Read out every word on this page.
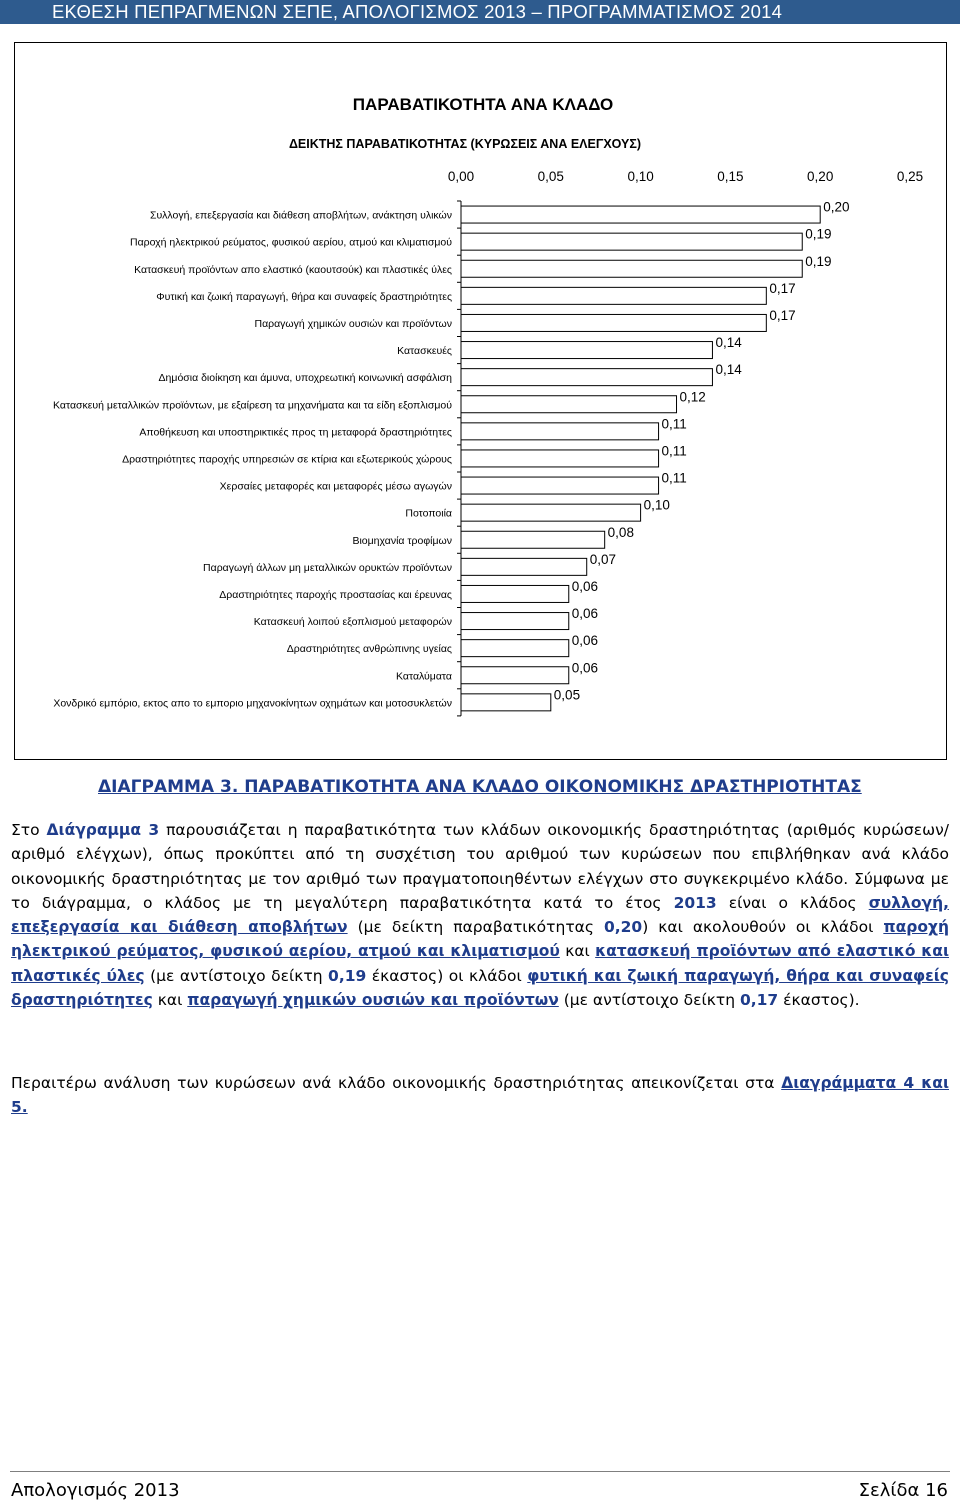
ΕΚΘΕΣΗ ΠΕΠΡΑΓΜΕΝΩΝ ΣΕΠΕ, ΑΠΟΛΟΓΙΣΜΟΣ 2013 – ΠΡΟΓΡΑΜΜΑΤΙΣΜΟΣ 2014
ΠΑΡΑΒΑΤΙΚΟΤΗΤΑ ΑΝΑ ΚΛΑΔΟ
ΔΕΙΚΤΗΣ ΠΑΡΑΒΑΤΙΚΟΤΗΤΑΣ (ΚΥΡΩΣΕΙΣ ΑΝΑ ΕΛΕΓΧΟΥΣ)
0,00	0,05	0,10	0,15	0,20	0,25
Συλλογή, επεξεργασία και διάθεση αποβλήτων, ανάκτηση υλικών
0,20
Παροχή ηλεκτρικού ρεύματος, φυσικού αερίου, ατμού και κλιματισμού
0,19
Κατασκευή προϊόντων απο ελαστικό (καουτσούκ) και πλαστικές ύλες
0,19
Φυτική και ζωική παραγωγή, θήρα και συναφείς δραστηριότητες
0,17
Παραγωγή χημικών ουσιών και προϊόντων
0,17
Κατασκευές
0,14
Δημόσια διοίκηση και άμυνα, υποχρεωτική κοινωνική ασφάλιση
0,14
Κατασκευή μεταλλικών προϊόντων, με εξαίρεση τα μηχανήματα και τα είδη εξοπλισμού
0,12
Αποθήκευση και υποστηρικτικές προς τη μεταφορά δραστηριότητες
0,11
Δραστηριότητες παροχής υπηρεσιών σε κτίρια και εξωτερικούς χώρους
0,11
Χερσαίες μεταφορές και μεταφορές μέσω αγωγών
0,11
Ποτοποιία
0,10
Βιομηχανία τροφίμων
0,08
Παραγωγή άλλων μη μεταλλικών ορυκτών προϊόντων
0,07
Δραστηριότητες παροχής προστασίας και έρευνας
0,06
Κατασκευή λοιπού εξοπλισμού μεταφορών
0,06
Δραστηριότητες ανθρώπινης υγείας
0,06
Καταλύματα
0,06
Χονδρικό εμπόριο, εκτος απο το εμποριο μηχανοκίνητων οχημάτων και μοτοσυκλετών
0,05
ΔΙΑΓΡΑΜΜΑ 3. ΠΑΡΑΒΑΤΙΚΟΤΗΤΑ ΑΝΑ ΚΛΑΔΟ ΟΙΚΟΝΟΜΙΚΗΣ ΔΡΑΣΤΗΡΙΟΤΗΤΑΣ

Στο Διάγραμμα 3 παρουσιάζεται η παραβατικότητα των κλάδων οικονομικής δραστηριότητας (αριθμός κυρώσεων/αριθμό ελέγχων), όπως προκύπτει από τη συσχέτιση του αριθμού των κυρώσεων που επιβλήθηκαν ανά κλάδο οικονομικής δραστηριότητας με τον αριθμό των πραγματοποιηθέντων ελέγχων στο συγκεκριμένο κλάδο. Σύμφωνα με το διάγραμμα, ο κλάδος με τη μεγαλύτερη παραβατικότητα κατά το έτος 2013 είναι ο κλάδος συλλογή, επεξεργασία και διάθεση αποβλήτων (με δείκτη παραβατικότητας 0,20) και ακολουθούν οι κλάδοι παροχή ηλεκτρικού ρεύματος, φυσικού αερίου, ατμού και κλιματισμού και κατασκευή προϊόντων από ελαστικό και πλαστικές ύλες (με αντίστοιχο δείκτη 0,19 έκαστος) οι κλάδοι φυτική και ζωική παραγωγή, θήρα και συναφείς δραστηριότητες και παραγωγή χημικών ουσιών και προϊόντων (με αντίστοιχο δείκτη 0,17 έκαστος).

Περαιτέρω ανάλυση των κυρώσεων ανά κλάδο οικονομικής δραστηριότητας απεικονίζεται στα Διαγράμματα 4 και 5.

Απολογισμός 2013	Σελίδα 16
